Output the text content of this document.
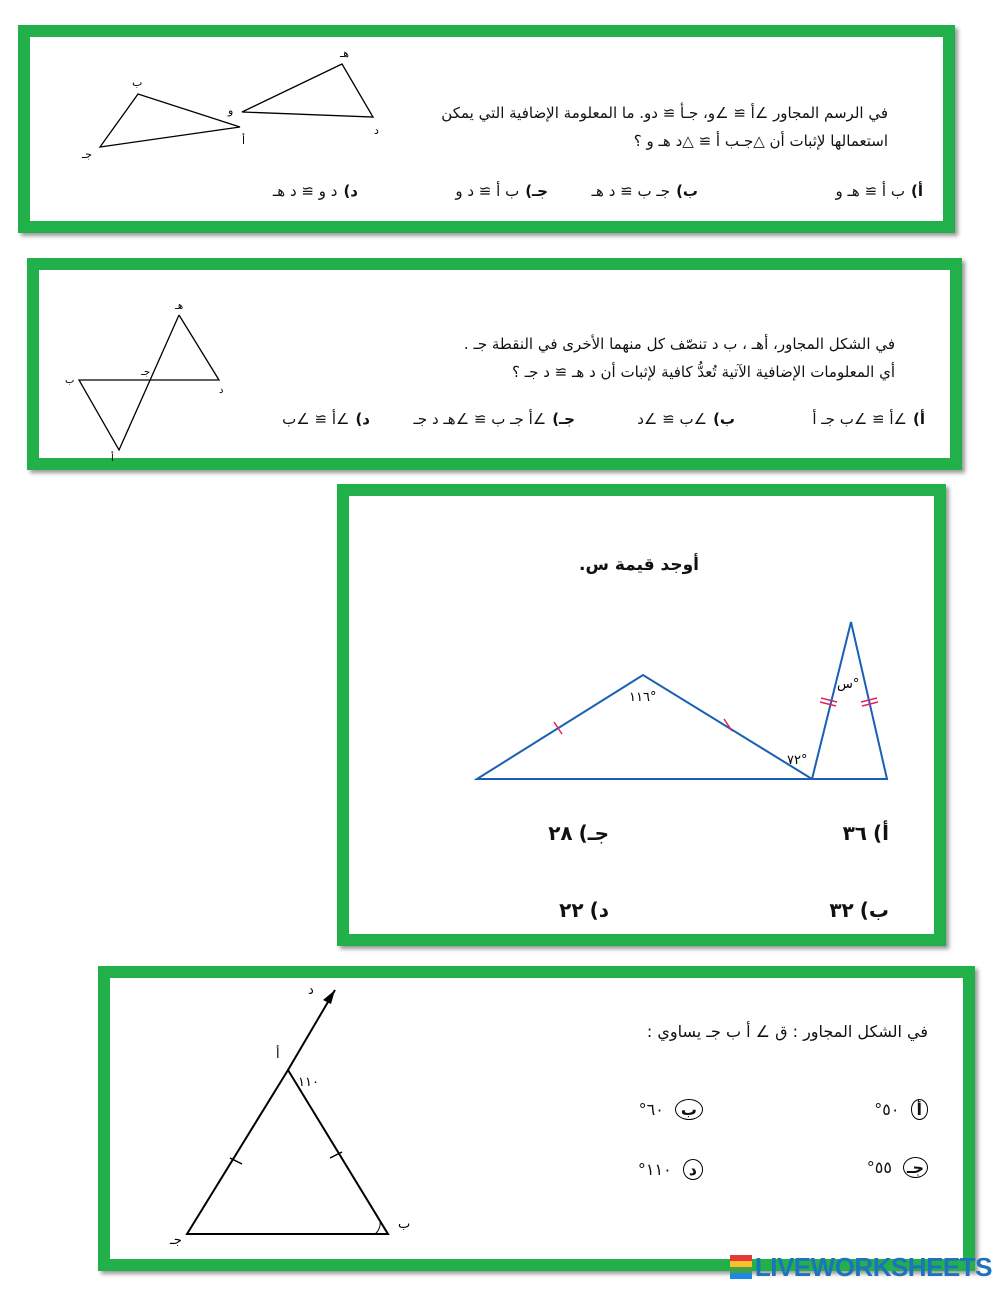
ب
جـ
أ
هـ
و
د
في الرسم المجاور ∠أ ≅ ∠و، جـأ ≅ دو. ما المعلومة الإضافية التي يمكن
استعمالها لإثبات أن △جـب أ ≅ △د هـ و ؟
أ)ب أ ≅ هـ و
ب)جـ ب ≅ د هـ
جـ)ب أ ≅ د و
د)د و ≅ د هـ
هـ
جـ
ب
د
أ
في الشكل المجاور، أهـ ، ب د تنصّف كل منهما الأخرى في النقطة جـ .
أي المعلومات الإضافية الآتية تُعدُّ كافية لإثبات أن د هـ ≅ د جـ ؟
أ)∠أ ≅ ∠ب جـ أ
ب)∠ب ≅ ∠د
جـ)∠أ جـ ب ≅ ∠هـ د جـ
د)∠أ ≅ ∠ب
أوجد قيمة س.
١١٦°
٧٢°
س°
أ)٣٦
جـ)٢٨
ب)٣٢
د)٢٢
د
أ
١١٠
جـ
ب
في الشكل المجاور : ق ∠ أ ب جـ يساوي :
أ ٥٠°
ب ٦٠°
جـ ٥٥°
د ١١٠°
LIVEWORKSHEETS
